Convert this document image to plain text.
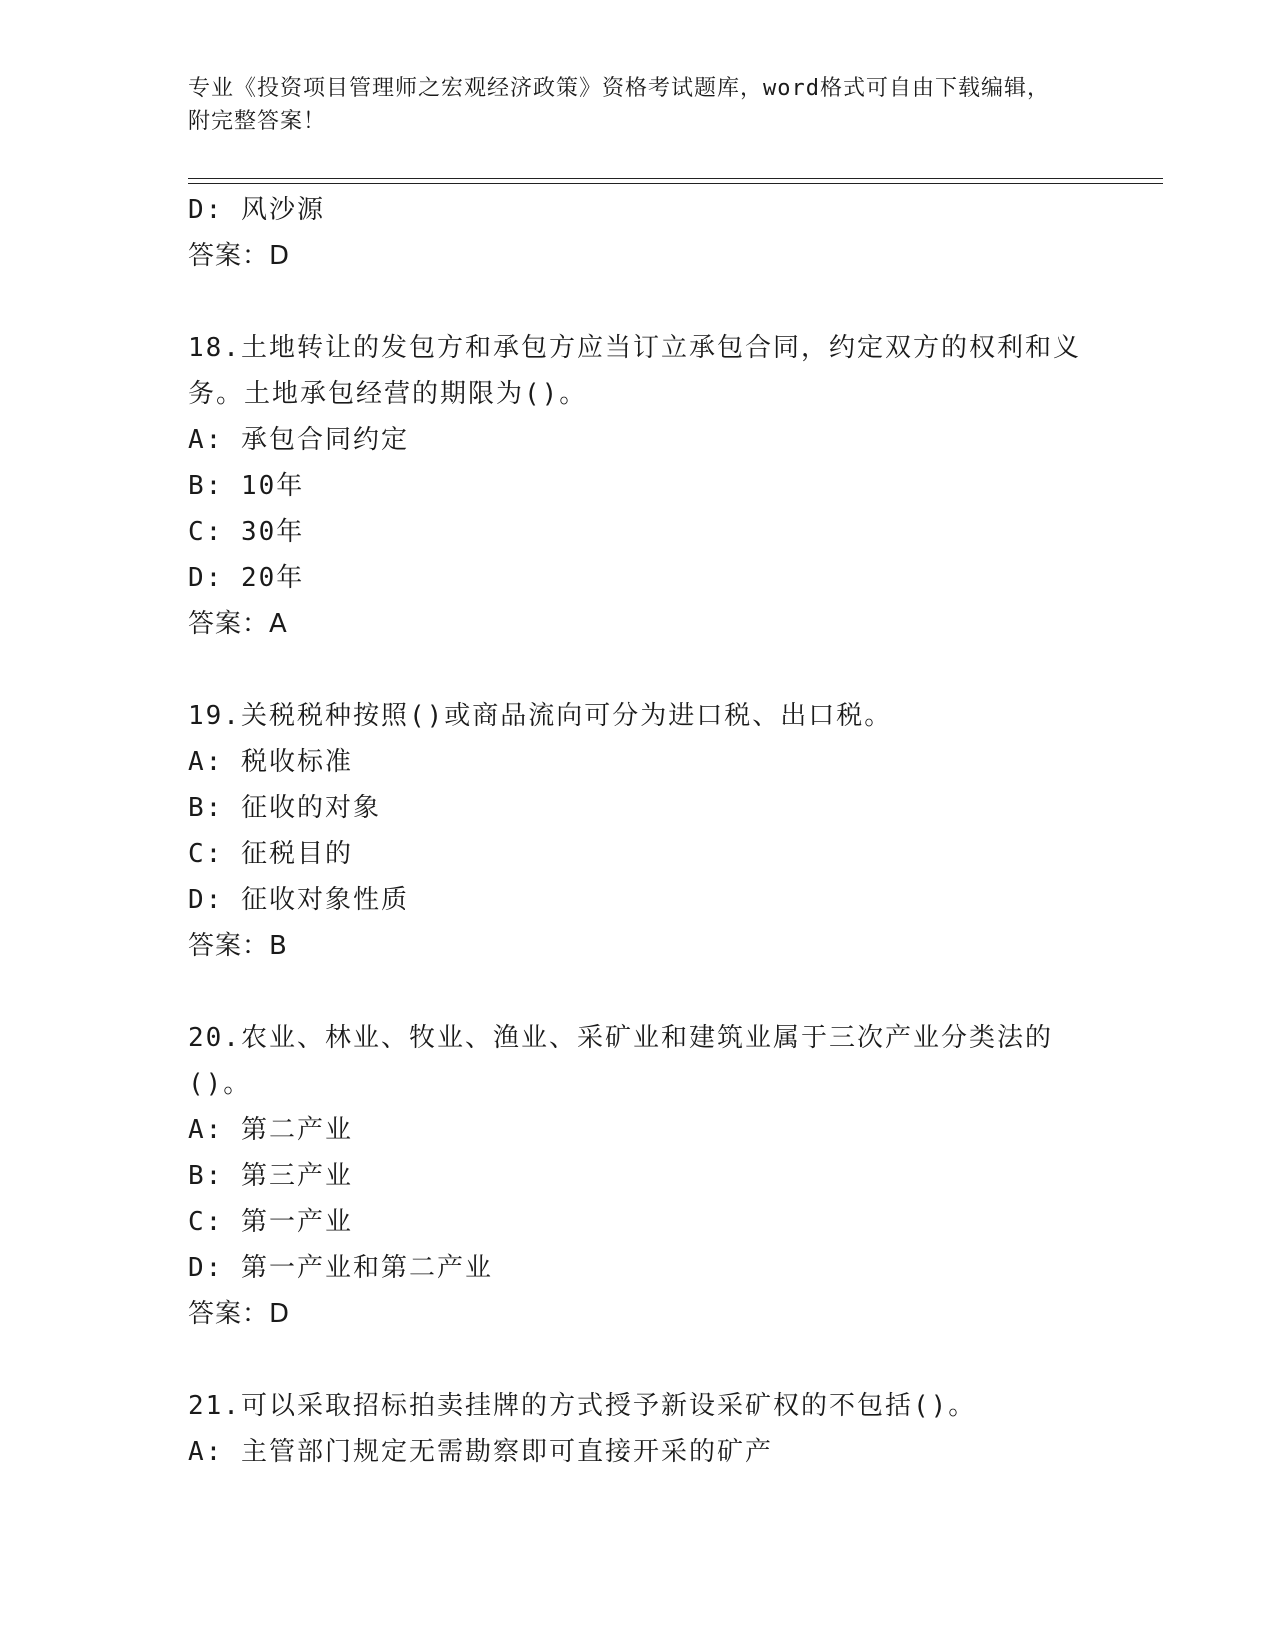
专业《投资项目管理师之宏观经济政策》资格考试题库，word格式可自由下载编辑，附完整答案！
D: 风沙源
答案：D
18.土地转让的发包方和承包方应当订立承包合同，约定双方的权利和义务。土地承包经营的期限为()。
A: 承包合同约定
B: 10年
C: 30年
D: 20年
答案：A
19.关税税种按照()或商品流向可分为进口税、出口税。
A: 税收标准
B: 征收的对象
C: 征税目的
D: 征收对象性质
答案：B
20.农业、林业、牧业、渔业、采矿业和建筑业属于三次产业分类法的()。
A: 第二产业
B: 第三产业
C: 第一产业
D: 第一产业和第二产业
答案：D
21.可以采取招标拍卖挂牌的方式授予新设采矿权的不包括()。
A: 主管部门规定无需勘察即可直接开采的矿产
